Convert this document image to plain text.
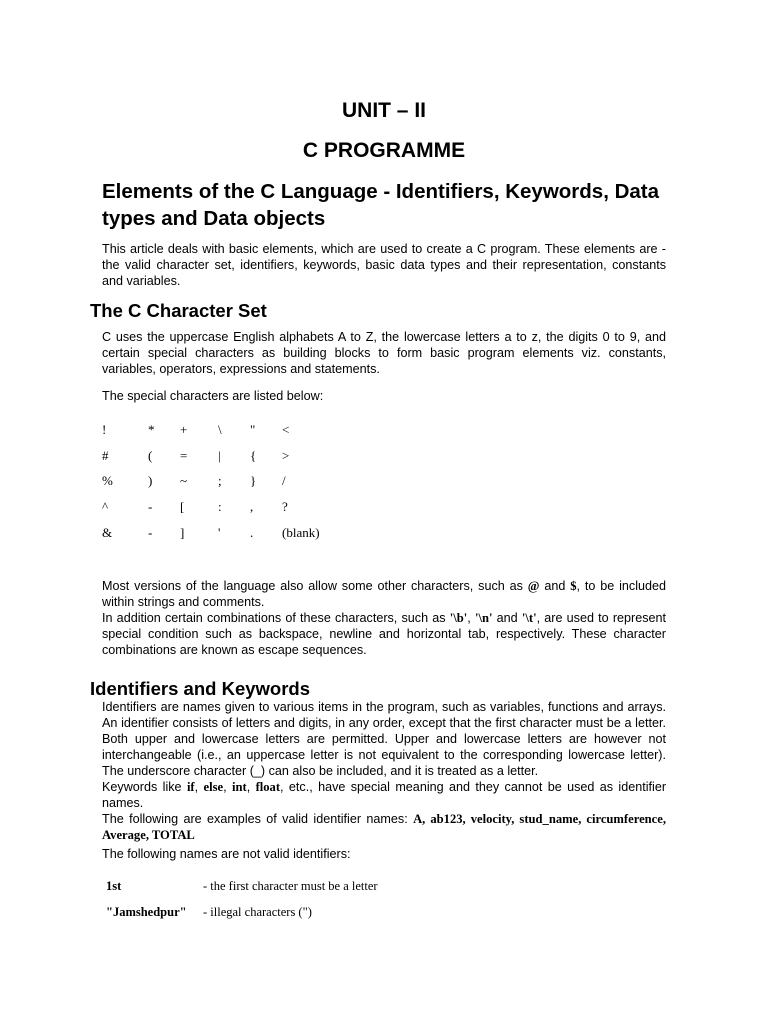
UNIT – II
C PROGRAMME
Elements of the C Language - Identifiers, Keywords, Data types and Data objects

This article deals with basic elements, which are used to create a C program. These elements are - the valid character set, identifiers, keywords, basic data types and their representation, constants and variables.

The C Character Set

C uses the uppercase English alphabets A to Z, the lowercase letters a to z, the digits 0 to 9, and certain special characters as building blocks to form basic program elements viz. constants, variables, operators, expressions and statements.

The special characters are listed below:

!	*	+	\	"	<
#	(	=	|	{	>
%	)	~	;	}	/
^	-	[	:	,	?
&	-	]	'	.	(blank)

Most versions of the language also allow some other characters, such as @ and $, to be included within strings and comments.

In addition certain combinations of these characters, such as '\b', '\n' and '\t', are used to represent special condition such as backspace, newline and horizontal tab, respectively. These character combinations are known as escape sequences.

Identifiers and Keywords

Identifiers are names given to various items in the program, such as variables, functions and arrays. An identifier consists of letters and digits, in any order, except that the first character must be a letter. Both upper and lowercase letters are permitted. Upper and lowercase letters are however not interchangeable (i.e., an uppercase letter is not equivalent to the corresponding lowercase letter). The underscore character (_) can also be included, and it is treated as a letter.

Keywords like if, else, int, float, etc., have special meaning and they cannot be used as identifier names.

The following are examples of valid identifier names: A, ab123, velocity, stud_name, circumference, Average, TOTAL

The following names are not valid identifiers:

1st	- the first character must be a letter
"Jamshedpur"	- illegal characters (")
